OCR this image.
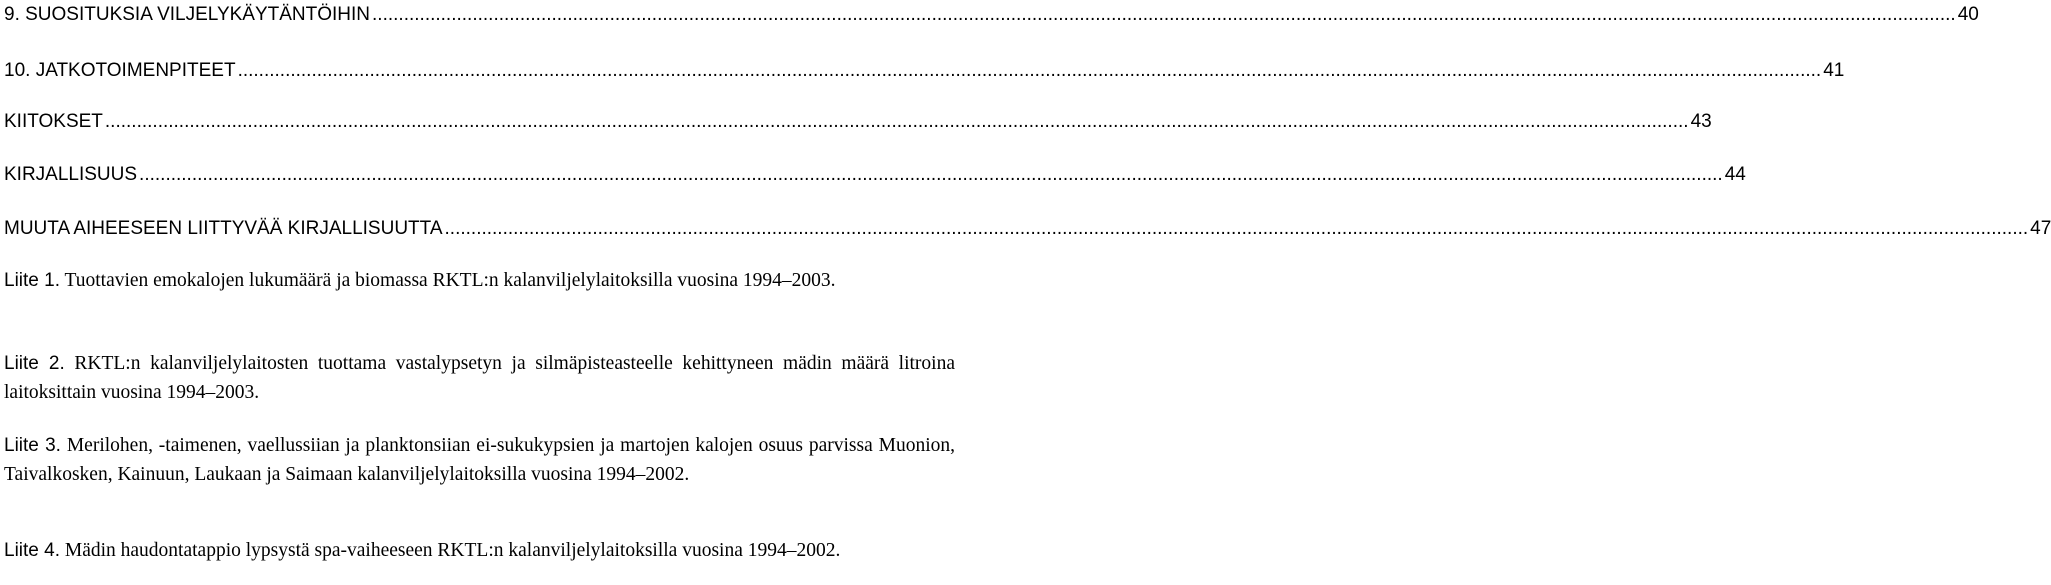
9. SUOSITUKSIA VILJELYKÄYTÄNTÖIHIN ............................................................................................................................................................................................................................................................................................................ 40
10. JATKOTOIMENPITEET ............................................................................................................................................................................................................................................................................................................ 41
KIITOKSET ............................................................................................................................................................................................................................................................................................................ 43
KIRJALLISUUS ............................................................................................................................................................................................................................................................................................................ 44
MUUTA AIHEESEEN LIITTYVÄÄ KIRJALLISUUTTA ............................................................................................................................................................................................................................................................................................................ 47
Liite 1. Tuottavien emokalojen lukumäärä ja biomassa RKTL:n kalanviljelylaitoksilla vuosina 1994–2003.
Liite 2. RKTL:n kalanviljelylaitosten tuottama vastalypsetyn ja silmäpisteasteelle kehittyneen mädin määrä litroina laitoksittain vuosina 1994–2003.
Liite 3. Merilohen, -taimenen, vaellussiian ja planktonsiian ei-sukukypsien ja martojen kalojen osuus parvissa Muonion, Taivalkosken, Kainuun, Laukaan ja Saimaan kalanviljelylaitoksilla vuosina 1994–2002.
Liite 4. Mädin haudontatappio lypsystä spa-vaiheeseen RKTL:n kalanviljelylaitoksilla vuosina 1994–2002.
